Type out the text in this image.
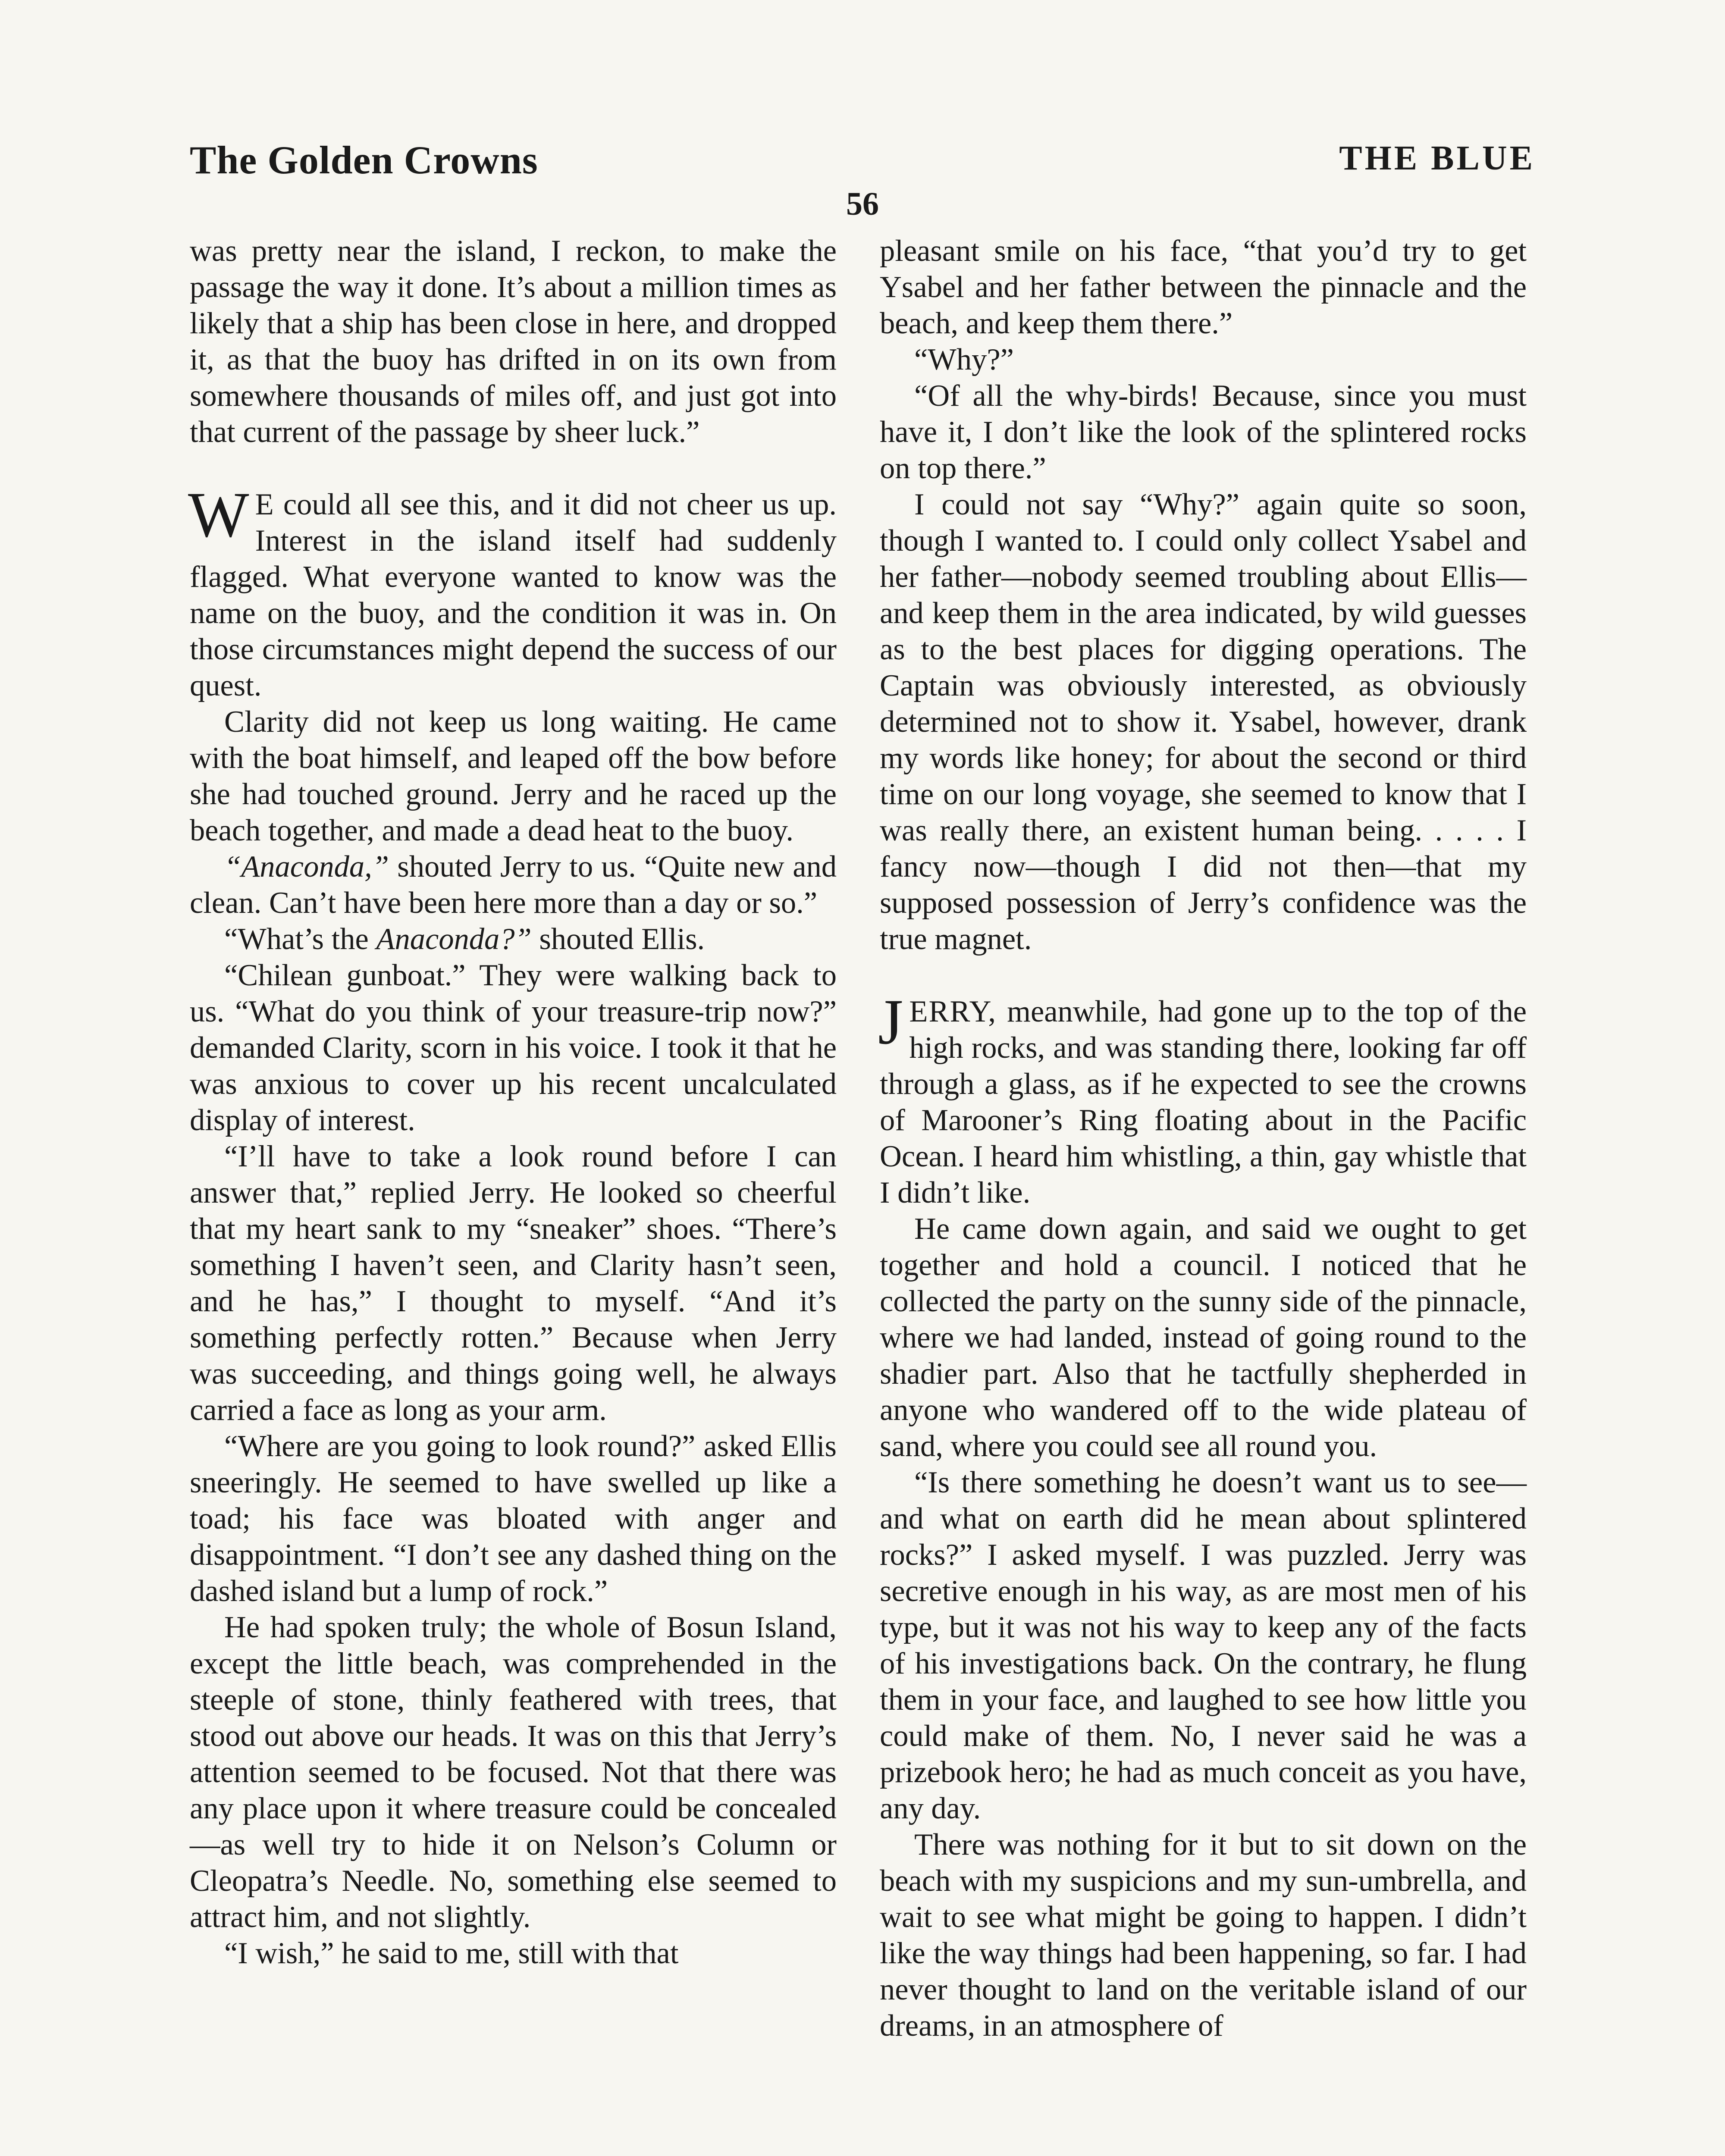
The Golden Crowns	THE BLUE
56

was pretty near the island, I reckon, to make the passage the way it done. It’s about a million times as likely that a ship has been close in here, and dropped it, as that the buoy has drifted in on its own from somewhere thousands of miles off, and just got into that current of the passage by sheer luck.”

W E could all see this, and it did not cheer us up. Interest in the island itself had suddenly flagged. What everyone wanted to know was the name on the buoy, and the condition it was in. On those circumstances might depend the success of our quest.

Clarity did not keep us long waiting. He came with the boat himself, and leaped off the bow before she had touched ground. Jerry and he raced up the beach together, and made a dead heat to the buoy.

“Anaconda,” shouted Jerry to us. “Quite new and clean. Can’t have been here more than a day or so.”

“What’s the Anaconda?” shouted Ellis.

“Chilean gunboat.” They were walking back to us. “What do you think of your treasure-trip now?” demanded Clarity, scorn in his voice. I took it that he was anxious to cover up his recent uncalculated display of interest.

“I’ll have to take a look round before I can answer that,” replied Jerry. He looked so cheerful that my heart sank to my “sneaker” shoes. “There’s something I haven’t seen, and Clarity hasn’t seen, and he has,” I thought to myself. “And it’s something perfectly rotten.” Because when Jerry was succeeding, and things going well, he always carried a face as long as your arm.

“Where are you going to look round?” asked Ellis sneeringly. He seemed to have swelled up like a toad; his face was bloated with anger and disappointment. “I don’t see any dashed thing on the dashed island but a lump of rock.”

He had spoken truly; the whole of Bosun Island, except the little beach, was comprehended in the steeple of stone, thinly feathered with trees, that stood out above our heads. It was on this that Jerry’s attention seemed to be focused. Not that there was any place upon it where treasure could be concealed—as well try to hide it on Nelson’s Column or Cleopatra’s Needle. No, something else seemed to attract him, and not slightly.

“I wish,” he said to me, still with that

pleasant smile on his face, “that you’d try to get Ysabel and her father between the pinnacle and the beach, and keep them there.”

“Why?”

“Of all the why-birds! Because, since you must have it, I don’t like the look of the splintered rocks on top there.”

I could not say “Why?” again quite so soon, though I wanted to. I could only collect Ysabel and her father—nobody seemed troubling about Ellis—and keep them in the area indicated, by wild guesses as to the best places for digging operations. The Captain was obviously interested, as obviously determined not to show it. Ysabel, however, drank my words like honey; for about the second or third time on our long voyage, she seemed to know that I was really there, an existent human being. . . . . I fancy now—though I did not then—that my supposed possession of Jerry’s confidence was the true magnet.

JERRY, meanwhile, had gone up to the top of the high rocks, and was standing there, looking far off through a glass, as if he expected to see the crowns of Marooner’s Ring floating about in the Pacific Ocean. I heard him whistling, a thin, gay whistle that I didn’t like.

He came down again, and said we ought to get together and hold a council. I noticed that he collected the party on the sunny side of the pinnacle, where we had landed, instead of going round to the shadier part. Also that he tactfully shepherded in anyone who wandered off to the wide plateau of sand, where you could see all round you.

“Is there something he doesn’t want us to see—and what on earth did he mean about splintered rocks?” I asked myself. I was puzzled. Jerry was secretive enough in his way, as are most men of his type, but it was not his way to keep any of the facts of his investigations back. On the contrary, he flung them in your face, and laughed to see how little you could make of them. No, I never said he was a prizebook hero; he had as much conceit as you have, any day.

There was nothing for it but to sit down on the beach with my suspicions and my sun-umbrella, and wait to see what might be going to happen. I didn’t like the way things had been happening, so far. I had never thought to land on the veritable island of our dreams, in an atmosphere of
